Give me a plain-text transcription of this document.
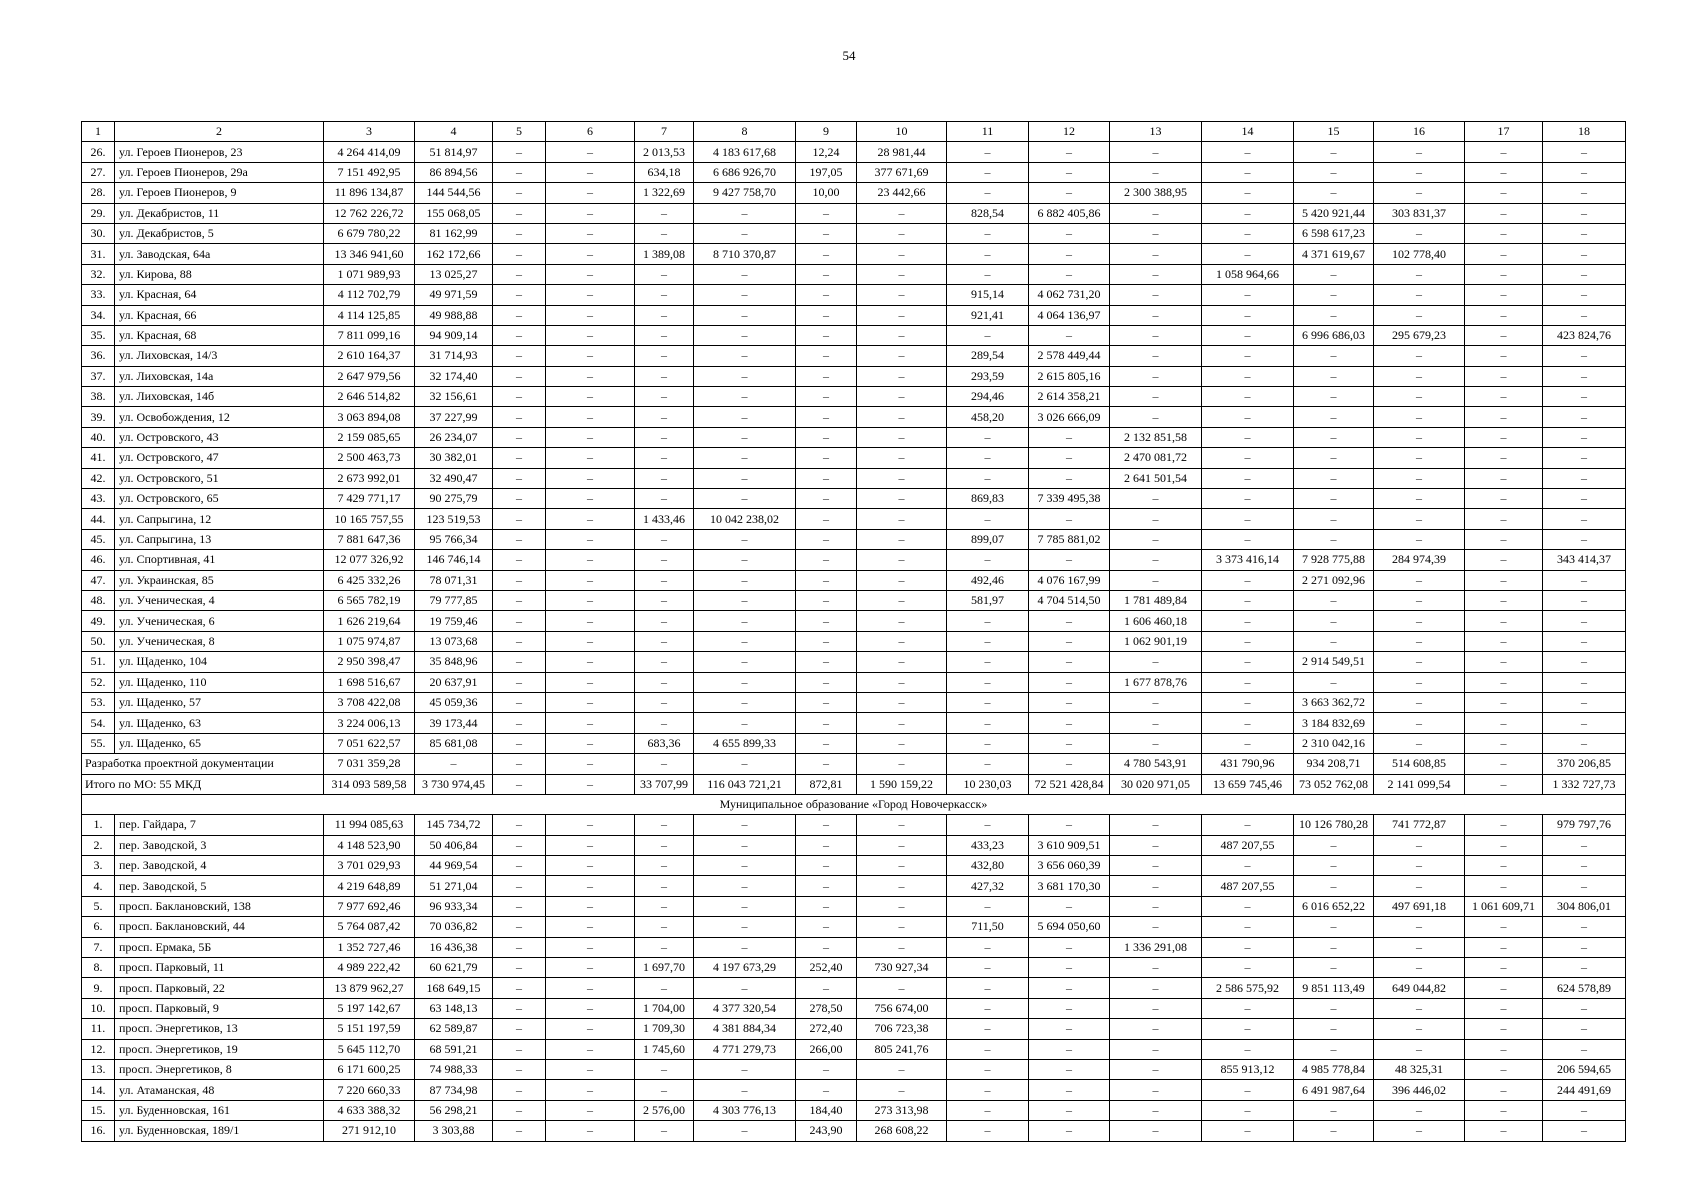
54
1	2	3	4	5	6	7	8	9	10	11	12	13	14	15	16	17	18
26.	ул. Героев Пионеров, 23	4 264 414,09	51 814,97	–	–	2 013,53	4 183 617,68	12,24	28 981,44	–	–	–	–	–	–	–	–
27.	ул. Героев Пионеров, 29а	7 151 492,95	86 894,56	–	–	634,18	6 686 926,70	197,05	377 671,69	–	–	–	–	–	–	–	–
28.	ул. Героев Пионеров, 9	11 896 134,87	144 544,56	–	–	1 322,69	9 427 758,70	10,00	23 442,66	–	–	2 300 388,95	–	–	–	–	–
29.	ул. Декабристов, 11	12 762 226,72	155 068,05	–	–	–	–	–	–	828,54	6 882 405,86	–	–	5 420 921,44	303 831,37	–	–
30.	ул. Декабристов, 5	6 679 780,22	81 162,99	–	–	–	–	–	–	–	–	–	–	6 598 617,23	–	–	–
31.	ул. Заводская, 64а	13 346 941,60	162 172,66	–	–	1 389,08	8 710 370,87	–	–	–	–	–	–	4 371 619,67	102 778,40	–	–
32.	ул. Кирова, 88	1 071 989,93	13 025,27	–	–	–	–	–	–	–	–	–	1 058 964,66	–	–	–	–
33.	ул. Красная, 64	4 112 702,79	49 971,59	–	–	–	–	–	–	915,14	4 062 731,20	–	–	–	–	–	–
34.	ул. Красная, 66	4 114 125,85	49 988,88	–	–	–	–	–	–	921,41	4 064 136,97	–	–	–	–	–	–
35.	ул. Красная, 68	7 811 099,16	94 909,14	–	–	–	–	–	–	–	–	–	–	6 996 686,03	295 679,23	–	423 824,76
36.	ул. Лиховская, 14/3	2 610 164,37	31 714,93	–	–	–	–	–	–	289,54	2 578 449,44	–	–	–	–	–	–
37.	ул. Лиховская, 14а	2 647 979,56	32 174,40	–	–	–	–	–	–	293,59	2 615 805,16	–	–	–	–	–	–
38.	ул. Лиховская, 14б	2 646 514,82	32 156,61	–	–	–	–	–	–	294,46	2 614 358,21	–	–	–	–	–	–
39.	ул. Освобождения, 12	3 063 894,08	37 227,99	–	–	–	–	–	–	458,20	3 026 666,09	–	–	–	–	–	–
40.	ул. Островского, 43	2 159 085,65	26 234,07	–	–	–	–	–	–	–	–	2 132 851,58	–	–	–	–	–
41.	ул. Островского, 47	2 500 463,73	30 382,01	–	–	–	–	–	–	–	–	2 470 081,72	–	–	–	–	–
42.	ул. Островского, 51	2 673 992,01	32 490,47	–	–	–	–	–	–	–	–	2 641 501,54	–	–	–	–	–
43.	ул. Островского, 65	7 429 771,17	90 275,79	–	–	–	–	–	–	869,83	7 339 495,38	–	–	–	–	–	–
44.	ул. Сапрыгина, 12	10 165 757,55	123 519,53	–	–	1 433,46	10 042 238,02	–	–	–	–	–	–	–	–	–	–
45.	ул. Сапрыгина, 13	7 881 647,36	95 766,34	–	–	–	–	–	–	899,07	7 785 881,02	–	–	–	–	–	–
46.	ул. Спортивная, 41	12 077 326,92	146 746,14	–	–	–	–	–	–	–	–	–	3 373 416,14	7 928 775,88	284 974,39	–	343 414,37
47.	ул. Украинская, 85	6 425 332,26	78 071,31	–	–	–	–	–	–	492,46	4 076 167,99	–	–	2 271 092,96	–	–	–
48.	ул. Ученическая, 4	6 565 782,19	79 777,85	–	–	–	–	–	–	581,97	4 704 514,50	1 781 489,84	–	–	–	–	–
49.	ул. Ученическая, 6	1 626 219,64	19 759,46	–	–	–	–	–	–	–	–	1 606 460,18	–	–	–	–	–
50.	ул. Ученическая, 8	1 075 974,87	13 073,68	–	–	–	–	–	–	–	–	1 062 901,19	–	–	–	–	–
51.	ул. Щаденко, 104	2 950 398,47	35 848,96	–	–	–	–	–	–	–	–	–	–	2 914 549,51	–	–	–
52.	ул. Щаденко, 110	1 698 516,67	20 637,91	–	–	–	–	–	–	–	–	1 677 878,76	–	–	–	–	–
53.	ул. Щаденко, 57	3 708 422,08	45 059,36	–	–	–	–	–	–	–	–	–	–	3 663 362,72	–	–	–
54.	ул. Щаденко, 63	3 224 006,13	39 173,44	–	–	–	–	–	–	–	–	–	–	3 184 832,69	–	–	–
55.	ул. Щаденко, 65	7 051 622,57	85 681,08	–	–	683,36	4 655 899,33	–	–	–	–	–	–	2 310 042,16	–	–	–
Разработка проектной документации		7 031 359,28	–	–	–	–	–	–	–	–	–	4 780 543,91	431 790,96	934 208,71	514 608,85	–	370 206,85
Итого по МО: 55 МКД		314 093 589,58	3 730 974,45	–	–	33 707,99	116 043 721,21	872,81	1 590 159,22	10 230,03	72 521 428,84	30 020 971,05	13 659 745,46	73 052 762,08	2 141 099,54	–	1 332 727,73
Муниципальное образование «Город Новочеркасск»																	
1.	пер. Гайдара, 7	11 994 085,63	145 734,72	–	–	–	–	–	–	–	–	–	–	10 126 780,28	741 772,87	–	979 797,76
2.	пер. Заводской, 3	4 148 523,90	50 406,84	–	–	–	–	–	–	433,23	3 610 909,51	–	487 207,55	–	–	–	–
3.	пер. Заводской, 4	3 701 029,93	44 969,54	–	–	–	–	–	–	432,80	3 656 060,39	–	–	–	–	–	–
4.	пер. Заводской, 5	4 219 648,89	51 271,04	–	–	–	–	–	–	427,32	3 681 170,30	–	487 207,55	–	–	–	–
5.	просп. Баклановский, 138	7 977 692,46	96 933,34	–	–	–	–	–	–	–	–	–	–	6 016 652,22	497 691,18	1 061 609,71	304 806,01
6.	просп. Баклановский, 44	5 764 087,42	70 036,82	–	–	–	–	–	–	711,50	5 694 050,60	–	–	–	–	–	–
7.	просп. Ермака, 5Б	1 352 727,46	16 436,38	–	–	–	–	–	–	–	–	1 336 291,08	–	–	–	–	–
8.	просп. Парковый, 11	4 989 222,42	60 621,79	–	–	1 697,70	4 197 673,29	252,40	730 927,34	–	–	–	–	–	–	–	–
9.	просп. Парковый, 22	13 879 962,27	168 649,15	–	–	–	–	–	–	–	–	–	2 586 575,92	9 851 113,49	649 044,82	–	624 578,89
10.	просп. Парковый, 9	5 197 142,67	63 148,13	–	–	1 704,00	4 377 320,54	278,50	756 674,00	–	–	–	–	–	–	–	–
11.	просп. Энергетиков, 13	5 151 197,59	62 589,87	–	–	1 709,30	4 381 884,34	272,40	706 723,38	–	–	–	–	–	–	–	–
12.	просп. Энергетиков, 19	5 645 112,70	68 591,21	–	–	1 745,60	4 771 279,73	266,00	805 241,76	–	–	–	–	–	–	–	–
13.	просп. Энергетиков, 8	6 171 600,25	74 988,33	–	–	–	–	–	–	–	–	–	855 913,12	4 985 778,84	48 325,31	–	206 594,65
14.	ул. Атаманская, 48	7 220 660,33	87 734,98	–	–	–	–	–	–	–	–	–	–	6 491 987,64	396 446,02	–	244 491,69
15.	ул. Буденновская, 161	4 633 388,32	56 298,21	–	–	2 576,00	4 303 776,13	184,40	273 313,98	–	–	–	–	–	–	–	–
16.	ул. Буденновская, 189/1	271 912,10	3 303,88	–	–	–	–	243,90	268 608,22	–	–	–	–	–	–	–	–
